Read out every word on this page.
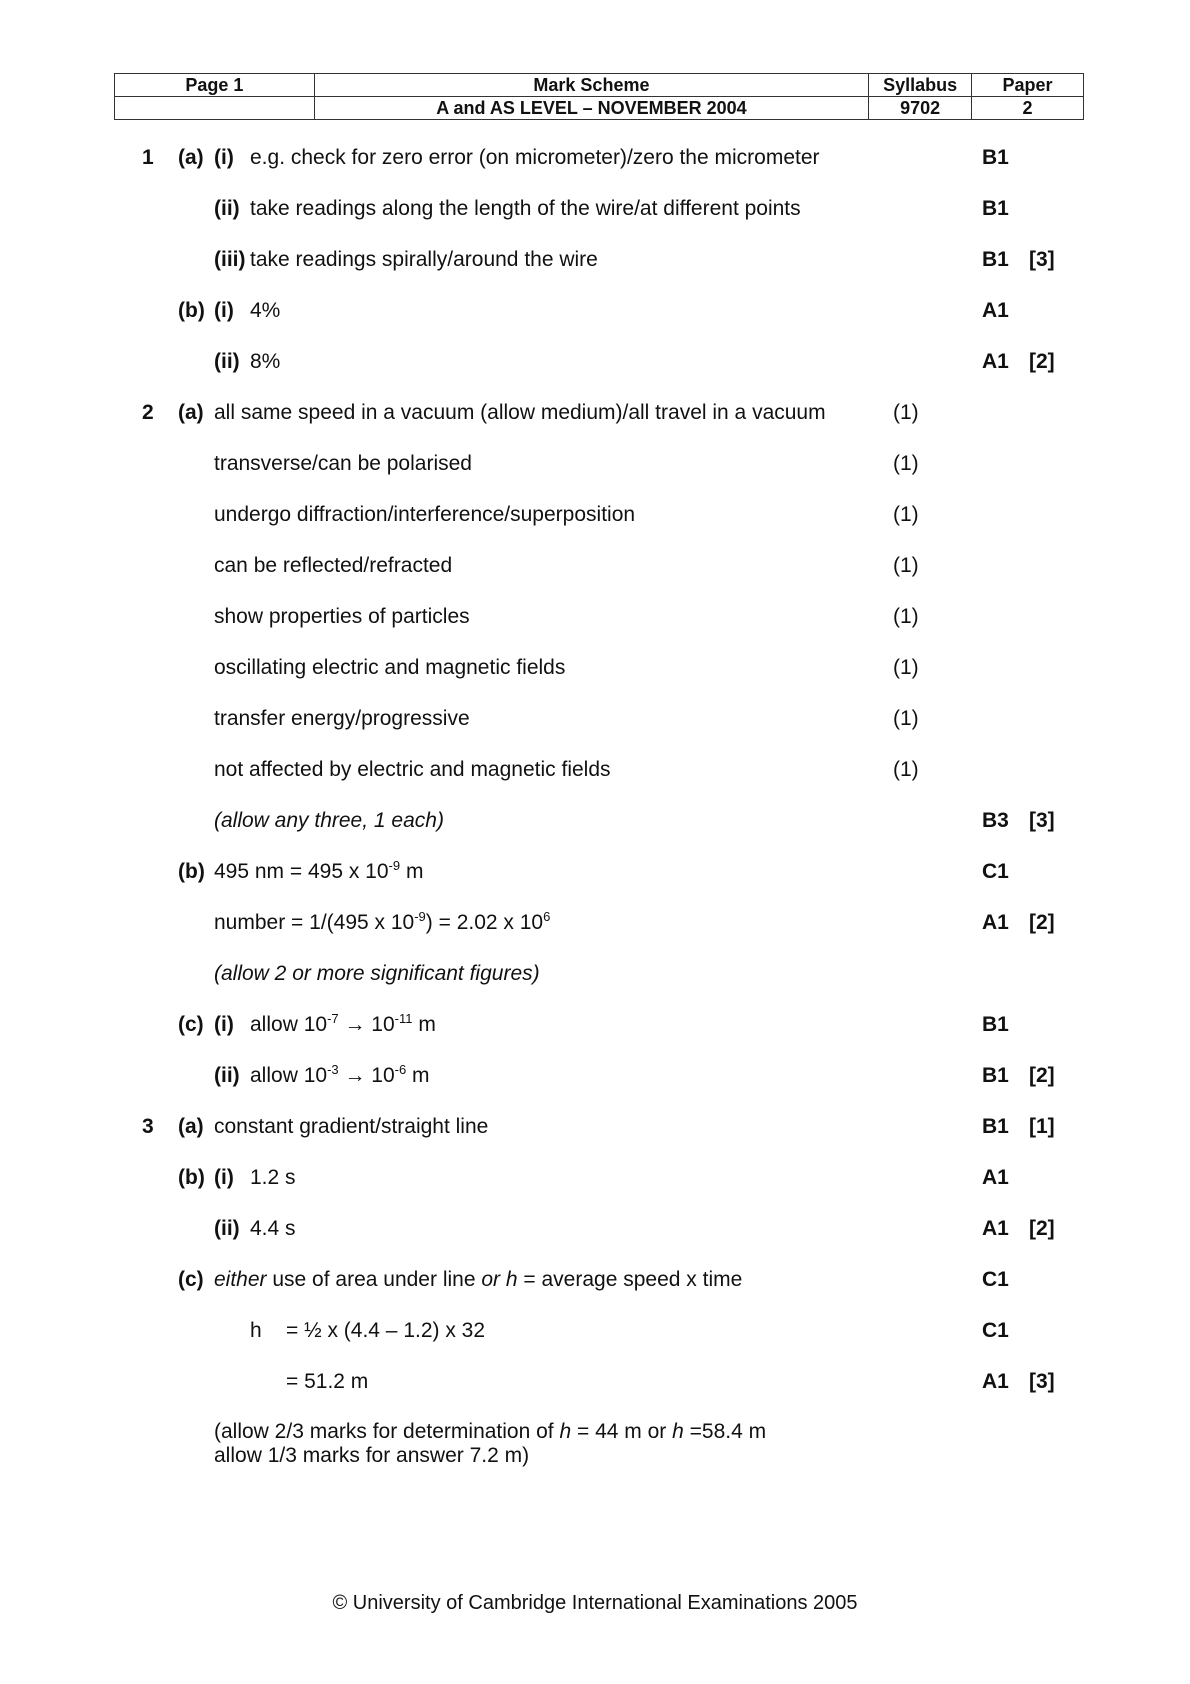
Page 1	Mark Scheme	Syllabus	Paper
	A and AS LEVEL – NOVEMBER 2004	9702	2
1 (a) (i) e.g. check for zero error (on micrometer)/zero the micrometer	B1
(ii) take readings along the length of the wire/at different points	B1
(iii) take readings spirally/around the wire	B1 [3]
(b) (i) 4%	A1
(ii) 8%	A1 [2]
2 (a) all same speed in a vacuum (allow medium)/all travel in a vacuum	(1)
transverse/can be polarised	(1)
undergo diffraction/interference/superposition	(1)
can be reflected/refracted	(1)
show properties of particles	(1)
oscillating electric and magnetic fields	(1)
transfer energy/progressive	(1)
not affected by electric and magnetic fields	(1)
(allow any three, 1 each)	B3 [3]
(b) 495 nm = 495 x $10^{-9}$ m	C1
number = 1/(495 x $10^{-9}) = 2.02$ x $10^6$	A1 [2]
(allow 2 or more significant figures)
(c) (i) allow $10^{-7} \to 10^{-11}$ m	B1
(ii) allow $10^{-3} \to 10^{-6}$ m	B1 [2]
3 (a) constant gradient/straight line	B1 [1]
(b) (i) 1.2 s	A1
(ii) 4.4 s	A1 [2]
(c) either use of area under line or h = average speed x time	C1
h = ½ x (4.4 – 1.2) x 32	C1
= 51.2 m	A1 [3]
(allow 2/3 marks for determination of h = 44 m or h =58.4 m
allow 1/3 marks for answer 7.2 m)
© University of Cambridge International Examinations 2005
